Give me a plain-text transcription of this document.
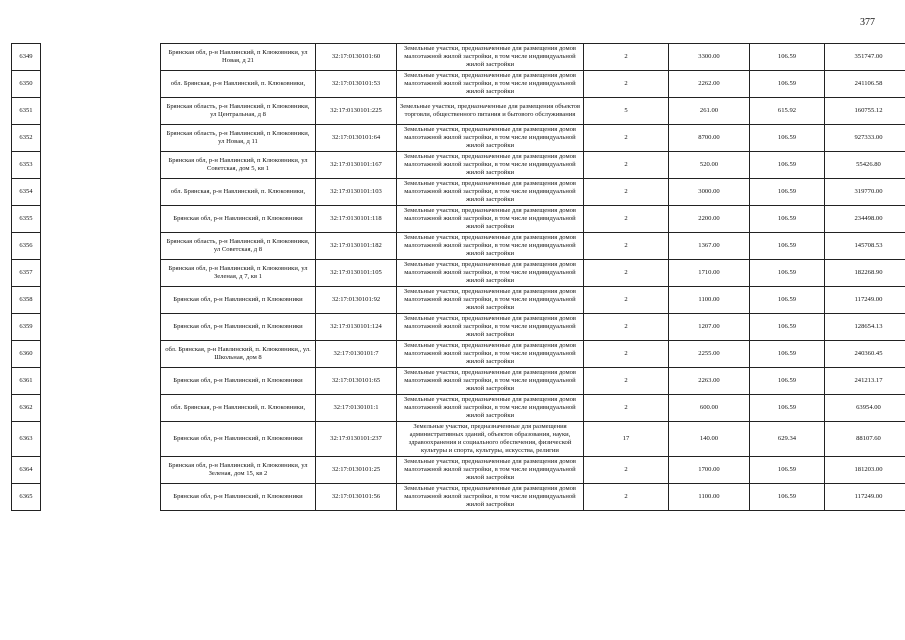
377
6349		Брянская обл, р-н Навлинский, п Клюковники, ул Новая, д 21	32:17:0130101:60	Земельные участки, предназначенные для размещения домов малоэтажной жилой застройки, в том числе индивидуальной жилой застройки	2	3300.00	106.59	351747.00
6350		обл. Брянская, р-н Навлинский, п. Клюковники,	32:17:0130101:53	Земельные участки, предназначенные для размещения домов малоэтажной жилой застройки, в том числе индивидуальной жилой застройки	2	2262.00	106.59	241106.58
6351		Брянская область, р-н Навлинский, п Клюковники, ул Центральная, д 8	32:17:0130101:225	Земельные участки, предназначенные для размещения объектов торговли, общественного питания и бытового обслуживания	5	261.00	615.92	160755.12
6352		Брянская область, р-н Навлинский, п Клюковники, ул Новая, д 11	32:17:0130101:64	Земельные участки, предназначенные для размещения домов малоэтажной жилой застройки, в том числе индивидуальной жилой застройки	2	8700.00	106.59	927333.00
6353		Брянская обл, р-н Навлинский, п Клюковники, ул Советская, дом 5, кв 1	32:17:0130101:167	Земельные участки, предназначенные для размещения домов малоэтажной жилой застройки, в том числе индивидуальной жилой застройки	2	520.00	106.59	55426.80
6354		обл. Брянская, р-н Навлинский, п. Клюковники,	32:17:0130101:103	Земельные участки, предназначенные для размещения домов малоэтажной жилой застройки, в том числе индивидуальной жилой застройки	2	3000.00	106.59	319770.00
6355		Брянская обл, р-н Навлинский, п Клюковники	32:17:0130101:118	Земельные участки, предназначенные для размещения домов малоэтажной жилой застройки, в том числе индивидуальной жилой застройки	2	2200.00	106.59	234498.00
6356		Брянская область, р-н Навлинский, п Клюковники, ул Советская, д 8	32:17:0130101:182	Земельные участки, предназначенные для размещения домов малоэтажной жилой застройки, в том числе индивидуальной жилой застройки	2	1367.00	106.59	145708.53
6357		Брянская обл, р-н Навлинский, п Клюковники, ул Зеленая, д 7, кв 1	32:17:0130101:105	Земельные участки, предназначенные для размещения домов малоэтажной жилой застройки, в том числе индивидуальной жилой застройки	2	1710.00	106.59	182268.90
6358		Брянская обл, р-н Навлинский, п Клюковники	32:17:0130101:92	Земельные участки, предназначенные для размещения домов малоэтажной жилой застройки, в том числе индивидуальной жилой застройки	2	1100.00	106.59	117249.00
6359		Брянская обл, р-н Навлинский, п Клюковники	32:17:0130101:124	Земельные участки, предназначенные для размещения домов малоэтажной жилой застройки, в том числе индивидуальной жилой застройки	2	1207.00	106.59	128654.13
6360		обл. Брянская, р-н Навлинский, п. Клюковники,, ул. Школьная, дом 8	32:17:0130101:7	Земельные участки, предназначенные для размещения домов малоэтажной жилой застройки, в том числе индивидуальной жилой застройки	2	2255.00	106.59	240360.45
6361		Брянская обл, р-н Навлинский, п Клюковники	32:17:0130101:65	Земельные участки, предназначенные для размещения домов малоэтажной жилой застройки, в том числе индивидуальной жилой застройки	2	2263.00	106.59	241213.17
6362		обл. Брянская, р-н Навлинский, п. Клюковники,	32:17:0130101:1	Земельные участки, предназначенные для размещения домов малоэтажной жилой застройки, в том числе индивидуальной жилой застройки	2	600.00	106.59	63954.00
6363		Брянская обл, р-н Навлинский, п Клюковники	32:17:0130101:237	Земельные участки, предназначенные для размещения административных зданий, объектов образования, науки, здравоохранения и социального обеспечения, физической культуры и спорта, культуры, искусства, религии	17	140.00	629.34	88107.60
6364		Брянская обл, р-н Навлинский, п Клюковники, ул Зеленая, дом 15, кв 2	32:17:0130101:25	Земельные участки, предназначенные для размещения домов малоэтажной жилой застройки, в том числе индивидуальной жилой застройки	2	1700.00	106.59	181203.00
6365		Брянская обл, р-н Навлинский, п Клюковники	32:17:0130101:56	Земельные участки, предназначенные для размещения домов малоэтажной жилой застройки, в том числе индивидуальной жилой застройки	2	1100.00	106.59	117249.00
